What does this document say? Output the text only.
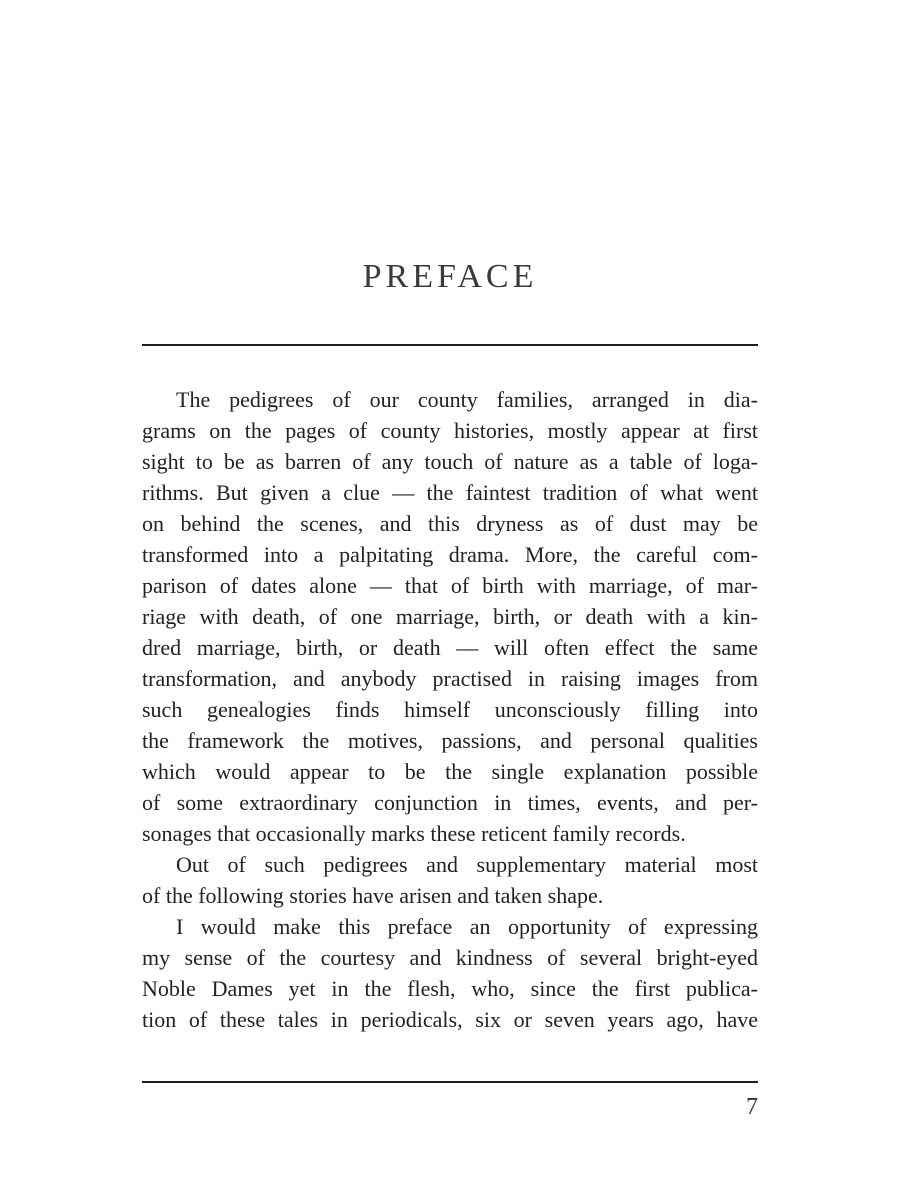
PREFACE
The pedigrees of our county families, arranged in dia-
grams on the pages of county histories, mostly appear at first
sight to be as barren of any touch of nature as a table of loga-
rithms. But given a clue — the faintest tradition of what went
on behind the scenes, and this dryness as of dust may be
transformed into a palpitating drama. More, the careful com-
parison of dates alone — that of birth with marriage, of mar-
riage with death, of one marriage, birth, or death with a kin-
dred marriage, birth, or death — will often effect the same
transformation, and anybody practised in raising images from
such genealogies finds himself unconsciously filling into
the framework the motives, passions, and personal qualities
which would appear to be the single explanation possible
of some extraordinary conjunction in times, events, and per-
sonages that occasionally marks these reticent family records.
Out of such pedigrees and supplementary material most
of the following stories have arisen and taken shape.
I would make this preface an opportunity of expressing
my sense of the courtesy and kindness of several bright-eyed
Noble Dames yet in the flesh, who, since the first publica-
tion of these tales in periodicals, six or seven years ago, have
7
